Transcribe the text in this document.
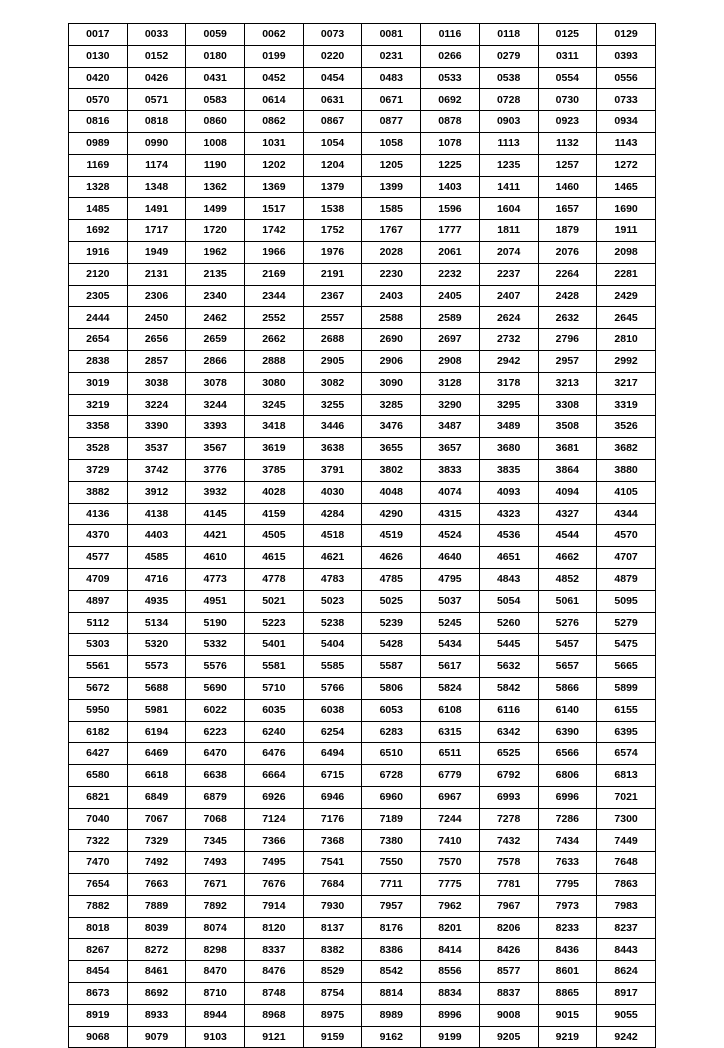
0017	0033	0059	0062	0073	0081	0116	0118	0125	0129
0130	0152	0180	0199	0220	0231	0266	0279	0311	0393
0420	0426	0431	0452	0454	0483	0533	0538	0554	0556
0570	0571	0583	0614	0631	0671	0692	0728	0730	0733
0816	0818	0860	0862	0867	0877	0878	0903	0923	0934
0989	0990	1008	1031	1054	1058	1078	1113	1132	1143
1169	1174	1190	1202	1204	1205	1225	1235	1257	1272
1328	1348	1362	1369	1379	1399	1403	1411	1460	1465
1485	1491	1499	1517	1538	1585	1596	1604	1657	1690
1692	1717	1720	1742	1752	1767	1777	1811	1879	1911
1916	1949	1962	1966	1976	2028	2061	2074	2076	2098
2120	2131	2135	2169	2191	2230	2232	2237	2264	2281
2305	2306	2340	2344	2367	2403	2405	2407	2428	2429
2444	2450	2462	2552	2557	2588	2589	2624	2632	2645
2654	2656	2659	2662	2688	2690	2697	2732	2796	2810
2838	2857	2866	2888	2905	2906	2908	2942	2957	2992
3019	3038	3078	3080	3082	3090	3128	3178	3213	3217
3219	3224	3244	3245	3255	3285	3290	3295	3308	3319
3358	3390	3393	3418	3446	3476	3487	3489	3508	3526
3528	3537	3567	3619	3638	3655	3657	3680	3681	3682
3729	3742	3776	3785	3791	3802	3833	3835	3864	3880
3882	3912	3932	4028	4030	4048	4074	4093	4094	4105
4136	4138	4145	4159	4284	4290	4315	4323	4327	4344
4370	4403	4421	4505	4518	4519	4524	4536	4544	4570
4577	4585	4610	4615	4621	4626	4640	4651	4662	4707
4709	4716	4773	4778	4783	4785	4795	4843	4852	4879
4897	4935	4951	5021	5023	5025	5037	5054	5061	5095
5112	5134	5190	5223	5238	5239	5245	5260	5276	5279
5303	5320	5332	5401	5404	5428	5434	5445	5457	5475
5561	5573	5576	5581	5585	5587	5617	5632	5657	5665
5672	5688	5690	5710	5766	5806	5824	5842	5866	5899
5950	5981	6022	6035	6038	6053	6108	6116	6140	6155
6182	6194	6223	6240	6254	6283	6315	6342	6390	6395
6427	6469	6470	6476	6494	6510	6511	6525	6566	6574
6580	6618	6638	6664	6715	6728	6779	6792	6806	6813
6821	6849	6879	6926	6946	6960	6967	6993	6996	7021
7040	7067	7068	7124	7176	7189	7244	7278	7286	7300
7322	7329	7345	7366	7368	7380	7410	7432	7434	7449
7470	7492	7493	7495	7541	7550	7570	7578	7633	7648
7654	7663	7671	7676	7684	7711	7775	7781	7795	7863
7882	7889	7892	7914	7930	7957	7962	7967	7973	7983
8018	8039	8074	8120	8137	8176	8201	8206	8233	8237
8267	8272	8298	8337	8382	8386	8414	8426	8436	8443
8454	8461	8470	8476	8529	8542	8556	8577	8601	8624
8673	8692	8710	8748	8754	8814	8834	8837	8865	8917
8919	8933	8944	8968	8975	8989	8996	9008	9015	9055
9068	9079	9103	9121	9159	9162	9199	9205	9219	9242
